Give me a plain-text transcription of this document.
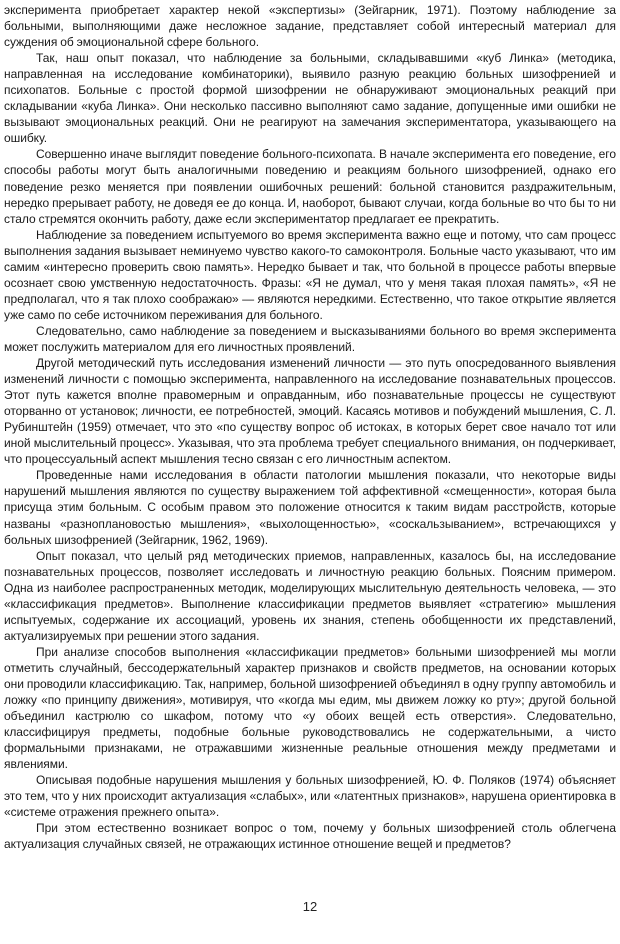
экспериментa приобретает характер некой «экспертизы» (Зейгарник, 1971). Поэтому наблюдение за больными, выполняющими даже несложное задание, представляет собой интересный материал для суждения об эмоциональной сфере больного.

Так, наш опыт показал, что наблюдение за больными, складывавшими «куб Линка» (методика, направленная на исследование комбинаторики), выявило разную реакцию больных шизофренией и психопатов. Больные с простой формой шизофрении не обнаруживают эмоциональных реакций при складывании «куба Линка». Они несколько пассивно выполняют само задание, допущенные ими ошибки не вызывают эмоциональных реакций. Они не реагируют на замечания экспериментатора, указывающего на ошибку.

Совершенно иначе выглядит поведение больного-психопата. В начале эксперимента его поведение, его способы работы могут быть аналогичными поведению и реакциям больного шизофренией, однако его поведение резко меняется при появлении ошибочных решений: больной становится раздражительным, нередко прерывает работу, не доведя ее до конца. И, наоборот, бывают случаи, когда больные во что бы то ни стало стремятся окончить работу, даже если экспериментатор предлагает ее прекратить.

Наблюдение за поведением испытуемого во время эксперимента важно еще и потому, что сам процесс выполнения задания вызывает неминуемо чувство какого-то самоконтроля. Больные часто указывают, что им самим «интересно проверить свою память». Нередко бывает и так, что больной в процессе работы впервые осознает свою умственную недостаточность. Фразы: «Я не думал, что у меня такая плохая память», «Я не предполагал, что я так плохо соображаю» — являются нередкими. Естественно, что такое открытие является уже само по себе источником переживания для больного.

Следовательно, само наблюдение за поведением и высказываниями больного во время эксперимента может послужить материалом для его личностных проявлений.

Другой методический путь исследования изменений личности — это путь опосредованного выявления изменений личности с помощью эксперимента, направленного на исследование познавательных процессов. Этот путь кажется вполне правомерным и оправданным, ибо познавательные процессы не существуют оторванно от установок; личности, ее потребностей, эмоций. Касаясь мотивов и побуждений мышления, С. Л. Рубинштейн (1959) отмечает, что это «по существу вопрос об истоках, в которых берет свое начало тот или иной мыслительный процесс». Указывая, что эта проблема требует специального внимания, он подчеркивает, что процессуальный аспект мышления тесно связан с его личностным аспектом.

Проведенные нами исследования в области патологии мышления показали, что некоторые виды нарушений мышления являются по существу выражением той аффективной «смещенности», которая была присуща этим больным. С особым правом это положение относится к таким видам расстройств, которые названы «разноплановостью мышления», «выхолощенностью», «соскальзыванием», встречающихся у больных шизофренией (Зейгарник, 1962, 1969).

Опыт показал, что целый ряд методических приемов, направленных, казалось бы, на исследование познавательных процессов, позволяет исследовать и личностную реакцию больных. Поясним примером. Одна из наиболее распространенных методик, моделирующих мыслительную деятельность человека, — это «классификация предметов». Выполнение классификации предметов выявляет «стратегию» мышления испытуемых, содержание их ассоциаций, уровень их знания, степень обобщенности их представлений, актуализируемых при решении этого задания.

При анализе способов выполнения «классификации предметов» больными шизофренией мы могли отметить случайный, бессодержательный характер признаков и свойств предметов, на основании которых они проводили классификацию. Так, например, больной шизофренией объединял в одну группу автомобиль и ложку «по принципу движения», мотивируя, что «когда мы едим, мы движем ложку ко рту»; другой больной объединил кастрюлю со шкафом, потому что «у обоих вещей есть отверстия». Следовательно, классифицируя предметы, подобные больные руководствовались не содержательными, а чисто формальными признаками, не отражавшими жизненные реальные отношения между предметами и явлениями.

Описывая подобные нарушения мышления у больных шизофренией, Ю. Ф. Поляков (1974) объясняет это тем, что у них происходит актуализация «слабых», или «латентных признаков», нарушена ориентировка в «системе отражения прежнего опыта».

При этом естественно возникает вопрос о том, почему у больных шизофренией столь облегчена актуализация случайных связей, не отражающих истинное отношение вещей и предметов?

12
